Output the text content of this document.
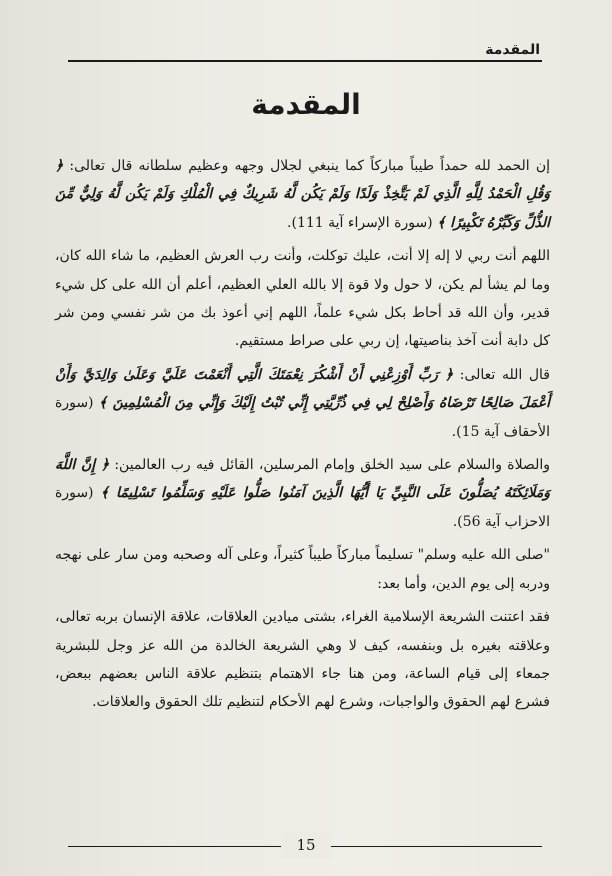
المقدمة
المقدمة

إن الحمد لله حمداً طيباً مباركاً كما ينبغي لجلال وجهه وعظيم سلطانه قال تعالى: ﴿ وَقُلِ الْحَمْدُ لِلَّهِ الَّذِي لَمْ يَتَّخِذْ وَلَدًا وَلَمْ يَكُن لَّهُ شَرِيكٌ فِي الْمُلْكِ وَلَمْ يَكُن لَّهُ وَلِيٌّ مِّنَ الذُّلِّ وَكَبِّرْهُ تَكْبِيرًا ﴾ (سورة الإسراء آية 111).

اللهم أنت ربي لا إله إلا أنت، عليك توكلت، وأنت رب العرش العظيم، ما شاء الله كان، وما لم يشأ لم يكن، لا حول ولا قوة إلا بالله العلي العظيم، أعلم أن الله على كل شيء قدير، وأن الله قد أحاط بكل شيء علماً، اللهم إني أعوذ بك من شر نفسي ومن شر كل دابة أنت آخذ بناصيتها، إن ربي على صراط مستقيم.

قال الله تعالى: ﴿ رَبِّ أَوْزِعْنِي أَنْ أَشْكُرَ نِعْمَتَكَ الَّتِي أَنْعَمْتَ عَلَيَّ وَعَلَىٰ وَالِدَيَّ وَأَنْ أَعْمَلَ صَالِحًا تَرْضَاهُ وَأَصْلِحْ لِي فِي ذُرِّيَّتِي إِنِّي تُبْتُ إِلَيْكَ وَإِنِّي مِنَ الْمُسْلِمِينَ ﴾ (سورة الأحقاف آية 15).

والصلاة والسلام على سيد الخلق وإمام المرسلين، القائل فيه رب العالمين: ﴿ إِنَّ اللَّهَ وَمَلَائِكَتَهُ يُصَلُّونَ عَلَى النَّبِيِّ يَا أَيُّهَا الَّذِينَ آمَنُوا صَلُّوا عَلَيْهِ وَسَلِّمُوا تَسْلِيمًا ﴾ (سورة الاحزاب آية 56).

"صلى الله عليه وسلم" تسليماً مباركاً طيباً كثيراً، وعلى آله وصحبه ومن سار على نهجه ودربه إلى يوم الدين، وأما بعد:

فقد اعتنت الشريعة الإسلامية الغراء، بشتى ميادين العلاقات، علاقة الإنسان بربه تعالى، وعلاقته بغيره بل وبنفسه، كيف لا وهي الشريعة الخالدة من الله عز وجل للبشرية جمعاء إلى قيام الساعة، ومن هنا جاء الاهتمام بتنظيم علاقة الناس بعضهم ببعض، فشرع لهم الحقوق والواجبات، وشرع لهم الأحكام لتنظيم تلك الحقوق والعلاقات.

15
